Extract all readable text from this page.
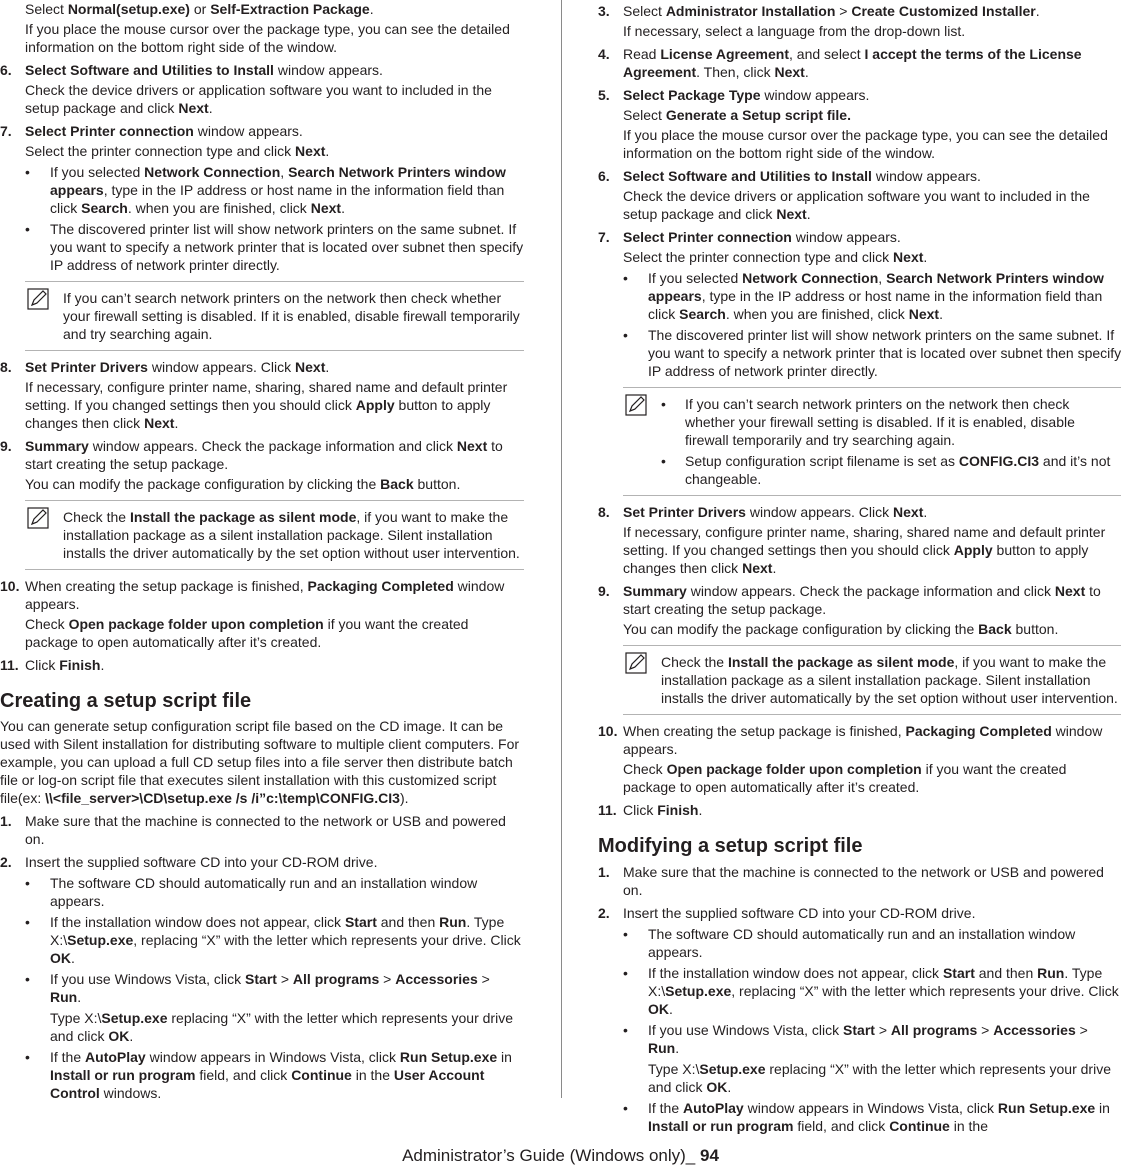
Select Normal(setup.exe) or Self-Extraction Package.
If you place the mouse cursor over the package type, you can see the detailed information on the bottom right side of the window.
6. Select Software and Utilities to Install window appears.
Check the device drivers or application software you want to included in the setup package and click Next.
7. Select Printer connection window appears.
Select the printer connection type and click Next.
•	If you selected Network Connection, Search Network Printers window appears, type in the IP address or host name in the information field than click Search. when you are finished, click Next.
•	The discovered printer list will show network printers on the same subnet. If you want to specify a network printer that is located over subnet then specify IP address of network printer directly.
If you can’t search network printers on the network then check whether your firewall setting is disabled. If it is enabled, disable firewall temporarily and try searching again.
8. Set Printer Drivers window appears. Click Next.
If necessary, configure printer name, sharing, shared name and default printer setting. If you changed settings then you should click Apply button to apply changes then click Next.
9. Summary window appears. Check the package information and click Next to start creating the setup package.
You can modify the package configuration by clicking the Back button.
Check the Install the package as silent mode, if you want to make the installation package as a silent installation package. Silent installation installs the driver automatically by the set option without user intervention.
10. When creating the setup package is finished, Packaging Completed window appears.
Check Open package folder upon completion if you want the created package to open automatically after it’s created.
11. Click Finish.
Creating a setup script file
You can generate setup configuration script file based on the CD image. It can be used with Silent installation for distributing software to multiple client computers. For example, you can upload a full CD setup files into a file server then distribute batch file or log-on script file that executes silent installation with this customized script file(ex: \\<file_server>\CD\setup.exe /s /i”c:\temp\CONFIG.CI3).
1. Make sure that the machine is connected to the network or USB and powered on.
2. Insert the supplied software CD into your CD-ROM drive.
•	The software CD should automatically run and an installation window appears.
•	If the installation window does not appear, click Start and then Run. Type X:\Setup.exe, replacing “X” with the letter which represents your drive. Click OK.
•	If you use Windows Vista, click Start > All programs > Accessories > Run.
Type X:\Setup.exe replacing “X” with the letter which represents your drive and click OK.
•	If the AutoPlay window appears in Windows Vista, click Run Setup.exe in Install or run program field, and click Continue in the User Account Control windows.
3. Select Administrator Installation > Create Customized Installer.
If necessary, select a language from the drop-down list.
4. Read License Agreement, and select I accept the terms of the License Agreement. Then, click Next.
5. Select Package Type window appears.
Select Generate a Setup script file.
If you place the mouse cursor over the package type, you can see the detailed information on the bottom right side of the window.
6. Select Software and Utilities to Install window appears.
Check the device drivers or application software you want to included in the setup package and click Next.
7. Select Printer connection window appears.
Select the printer connection type and click Next.
•	If you selected Network Connection, Search Network Printers window appears, type in the IP address or host name in the information field than click Search. when you are finished, click Next.
•	The discovered printer list will show network printers on the same subnet. If you want to specify a network printer that is located over subnet then specify IP address of network printer directly.
•	If you can’t search network printers on the network then check whether your firewall setting is disabled. If it is enabled, disable firewall temporarily and try searching again.
•	Setup configuration script filename is set as CONFIG.CI3 and it’s not changeable.
8. Set Printer Drivers window appears. Click Next.
If necessary, configure printer name, sharing, shared name and default printer setting. If you changed settings then you should click Apply button to apply changes then click Next.
9. Summary window appears. Check the package information and click Next to start creating the setup package.
You can modify the package configuration by clicking the Back button.
Check the Install the package as silent mode, if you want to make the installation package as a silent installation package. Silent installation installs the driver automatically by the set option without user intervention.
10. When creating the setup package is finished, Packaging Completed window appears.
Check Open package folder upon completion if you want the created package to open automatically after it’s created.
11. Click Finish.
Modifying a setup script file
1. Make sure that the machine is connected to the network or USB and powered on.
2. Insert the supplied software CD into your CD-ROM drive.
•	The software CD should automatically run and an installation window appears.
•	If the installation window does not appear, click Start and then Run. Type X:\Setup.exe, replacing “X” with the letter which represents your drive. Click OK.
•	If you use Windows Vista, click Start > All programs > Accessories > Run.
Type X:\Setup.exe replacing “X” with the letter which represents your drive and click OK.
•	If the AutoPlay window appears in Windows Vista, click Run Setup.exe in Install or run program field, and click Continue in the
Administrator’s Guide (Windows only)_ 94
